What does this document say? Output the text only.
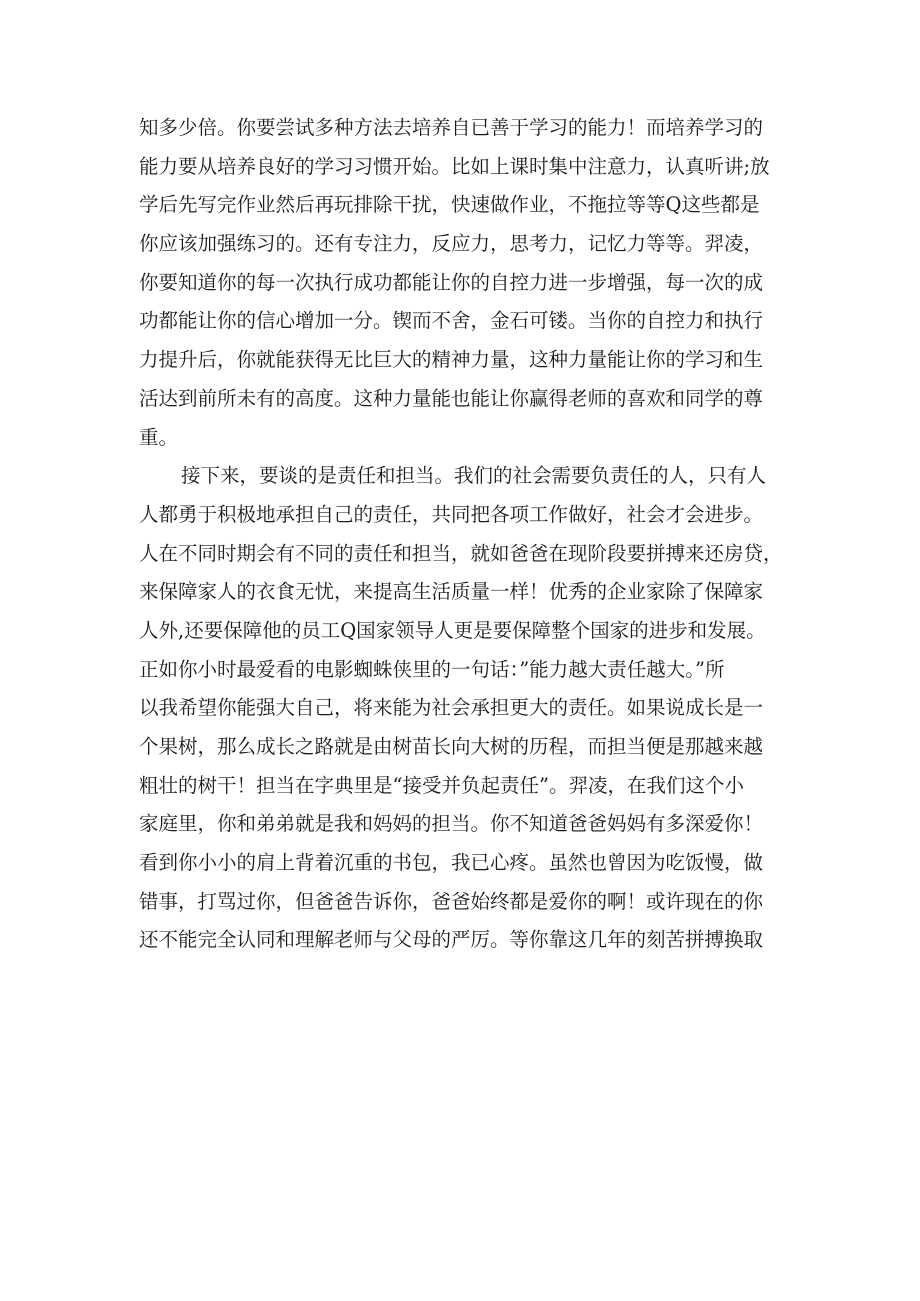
知多少倍。你要尝试多种方法去培养自已善于学习的能力！而培养学习的
能力要从培养良好的学习习惯开始。比如上课时集中注意力，认真听讲;放
学后先写完作业然后再玩排除干扰，快速做作业，不拖拉等等Q这些都是
你应该加强练习的。还有专注力，反应力，思考力，记忆力等等。羿凌，
你要知道你的每一次执行成功都能让你的自控力进一步增强，每一次的成
功都能让你的信心增加一分。锲而不舍，金石可镂。当你的自控力和执行
力提升后，你就能获得无比巨大的精神力量，这种力量能让你的学习和生
活达到前所未有的高度。这种力量能也能让你赢得老师的喜欢和同学的尊
重。
接下来，要谈的是责任和担当。我们的社会需要负责任的人，只有人
人都勇于积极地承担自己的责任，共同把各项工作做好，社会才会进步。
人在不同时期会有不同的责任和担当，就如爸爸在现阶段要拼搏来还房贷，
来保障家人的衣食无忧，来提高生活质量一样！优秀的企业家除了保障家
人外,还要保障他的员工Q国家领导人更是要保障整个国家的进步和发展。
正如你小时最爱看的电影蜘蛛侠里的一句话：”能力越大责任越大。”所
以我希望你能强大自己，将来能为社会承担更大的责任。如果说成长是一
个果树，那么成长之路就是由树苗长向大树的历程，而担当便是那越来越
粗壮的树干！担当在字典里是“接受并负起责任”。羿凌，在我们这个小
家庭里，你和弟弟就是我和妈妈的担当。你不知道爸爸妈妈有多深爱你！
看到你小小的肩上背着沉重的书包，我已心疼。虽然也曾因为吃饭慢，做
错事，打骂过你，但爸爸告诉你，爸爸始终都是爱你的啊！或许现在的你
还不能完全认同和理解老师与父母的严厉。等你靠这几年的刻苦拼搏换取
